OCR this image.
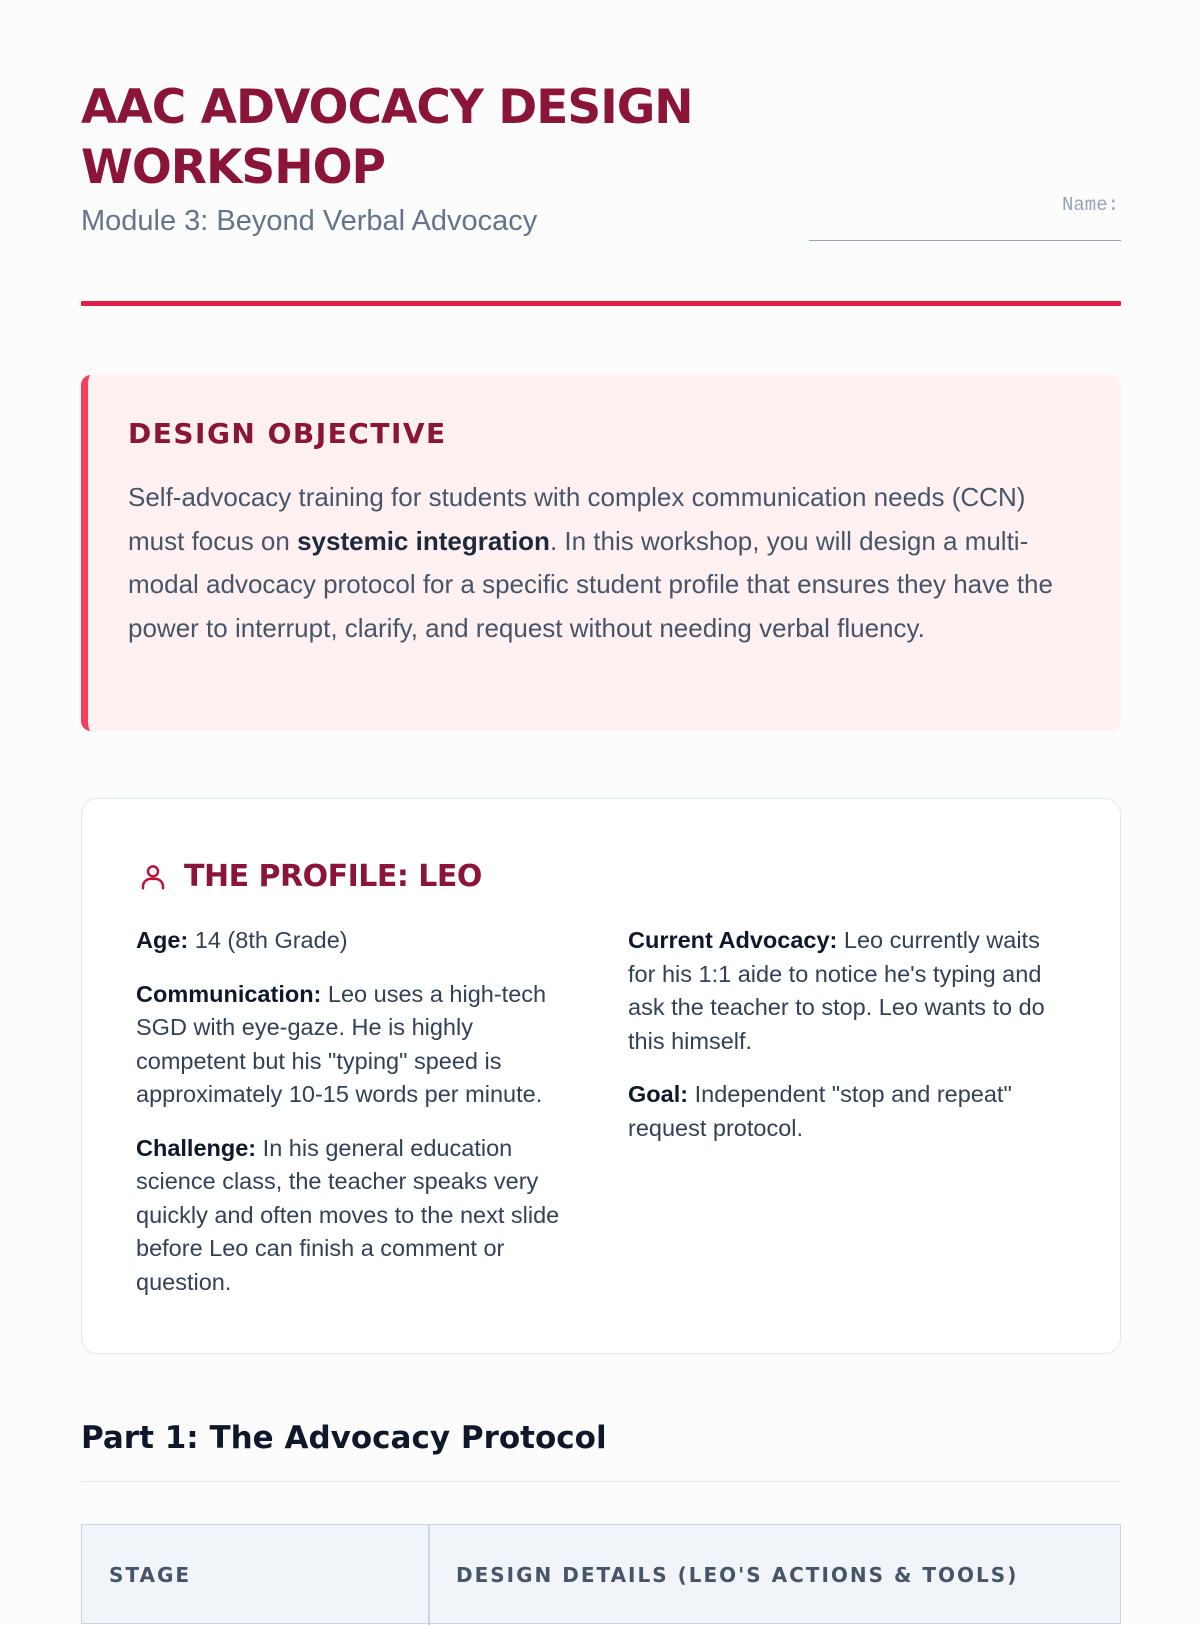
AAC ADVOCACY DESIGN WORKSHOP
Module 3: Beyond Verbal Advocacy	Name:
DESIGN OBJECTIVE

Self-advocacy training for students with complex communication needs (CCN) must focus on systemic integration. In this workshop, you will design a multi-modal advocacy protocol for a specific student profile that ensures they have the power to interrupt, clarify, and request without needing verbal fluency.

THE PROFILE: LEO

Age: 14 (8th Grade)

Communication: Leo uses a high-tech SGD with eye-gaze. He is highly competent but his "typing" speed is approximately 10-15 words per minute.

Challenge: In his general education science class, the teacher speaks very quickly and often moves to the next slide before Leo can finish a comment or question.

Current Advocacy: Leo currently waits for his 1:1 aide to notice he's typing and ask the teacher to stop. Leo wants to do this himself.

Goal: Independent "stop and repeat" request protocol.

Part 1: The Advocacy Protocol
STAGE	DESIGN DETAILS (LEO'S ACTIONS & TOOLS)
